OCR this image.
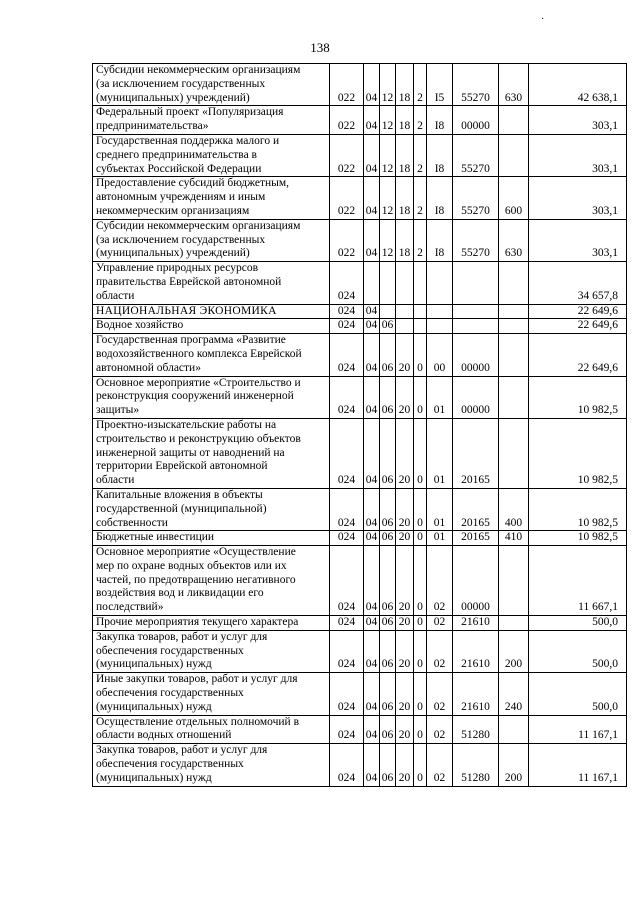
·
138
Субсидии некоммерческим организациям
(за исключением государственных
(муниципальных) учреждений)	022	04	12	18	2	I5	55270	630	42 638,1
Федеральный проект «Популяризация
предпринимательства»	022	04	12	18	2	I8	00000		303,1
Государственная поддержка малого и
среднего предпринимательства в
субъектах Российской Федерации	022	04	12	18	2	I8	55270		303,1
Предоставление субсидий бюджетным,
автономным учреждениям и иным
некоммерческим организациям	022	04	12	18	2	I8	55270	600	303,1
Субсидии некоммерческим организациям
(за исключением государственных
(муниципальных) учреждений)	022	04	12	18	2	I8	55270	630	303,1
Управление природных ресурсов
правительства Еврейской автономной
области	024								34 657,8
НАЦИОНАЛЬНАЯ ЭКОНОМИКА	024	04							22 649,6
Водное хозяйство	024	04	06						22 649,6
Государственная программа «Развитие
водохозяйственного комплекса Еврейской
автономной области»	024	04	06	20	0	00	00000		22 649,6
Основное мероприятие «Строительство и
реконструкция сооружений инженерной
защиты»	024	04	06	20	0	01	00000		10 982,5
Проектно-изыскательские работы на
строительство и реконструкцию объектов
инженерной защиты от наводнений на
территории Еврейской автономной
области	024	04	06	20	0	01	20165		10 982,5
Капитальные вложения в объекты
государственной (муниципальной)
собственности	024	04	06	20	0	01	20165	400	10 982,5
Бюджетные инвестиции	024	04	06	20	0	01	20165	410	10 982,5
Основное мероприятие «Осуществление
мер по охране водных объектов или их
частей, по предотвращению негативного
воздействия вод и ликвидации его
последствий»	024	04	06	20	0	02	00000		11 667,1
Прочие мероприятия текущего характера	024	04	06	20	0	02	21610		500,0
Закупка товаров, работ и услуг для
обеспечения государственных
(муниципальных) нужд	024	04	06	20	0	02	21610	200	500,0
Иные закупки товаров, работ и услуг для
обеспечения государственных
(муниципальных) нужд	024	04	06	20	0	02	21610	240	500,0
Осуществление отдельных полномочий в
области водных отношений	024	04	06	20	0	02	51280		11 167,1
Закупка товаров, работ и услуг для
обеспечения государственных
(муниципальных) нужд	024	04	06	20	0	02	51280	200	11 167,1
